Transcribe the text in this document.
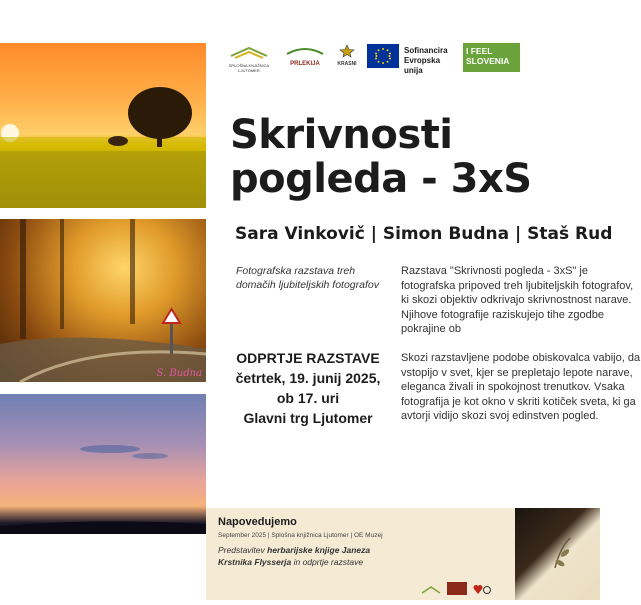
S. Budna
SPLOŠNA KNJIŽNICA LJUTOMER
PRLEKIJA	KRASNI
Sofinancira Evropska unija
I FEEL SLOVENIA
Skrivnosti pogleda - 3xS
Sara Vinkovič | Simon Budna | Staš Rud
Fotografska razstava treh domačih ljubiteljskih fotografov
ODPRTJE RAZSTAVE
četrtek, 19. junij 2025,
ob 17. uri
Glavni trg Ljutomer
Razstava "Skrivnosti pogleda - 3xS" je fotografska pripoved treh ljubiteljskih fotografov, ki skozi objektiv odkrivajo skrivnostnost narave. Njihove fotografije raziskujejo tihe zgodbe pokrajine ob
Skozi razstavljene podobe obiskovalca vabijo, da vstopijo v svet, kjer se prepletajo lepote narave, eleganca živali in spokojnost trenutkov. Vsaka fotografija je kot okno v skriti kotiček sveta, ki ga avtorji vidijo skozi svoj edinstven pogled.
Napovedujemo
September 2025 | Splošna knjižnica Ljutomer | OE Muzej
Predstavitev herbarijske knjige Janeza
Krstnika Flysserja in odprtje razstave
